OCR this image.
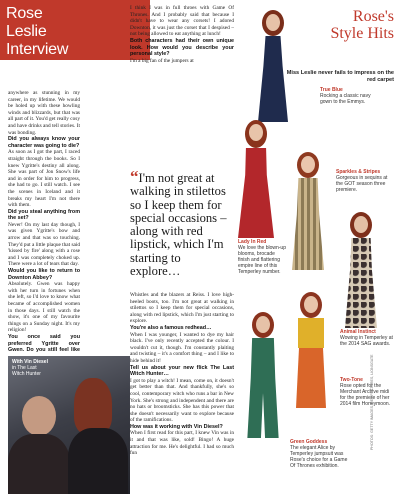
Rose
Leslie
Interview

anywhere as stunning in my career, in my lifetime. We would be holed up with these howling winds and blizzards, but that was all part of it. You'd get really cosy and have drinks and tell stories. It was bonding.

Did you always know your character was going to die?

As soon as I got the part, I raced straight through the books. So I knew Ygritte's destiny all along. She was part of Jon Snow's life and in order for him to progress, she had to go. I still watch. I see the scenes in Iceland and it breaks my heart I'm not there with them.

Did you steal anything from the set?

Never! On my last day though, I was given Ygritte's bow and arrow and that was so touching. They'd put a little plaque that said 'kissed by fire' along with a rose and I was completely choked up. There were a lot of tears that day.

Would you like to return to Downton Abbey?

Absolutely. Gwen was happy with her turn in fortunes when she left, so I'd love to know what became of accomplished women in those days. I still watch the show, it's one of my favourite things on a Sunday night. It's my religion!

You once said you preferred Ygritte over Gwen. Do you still feel like

With Vin Diesel
in The Last
Witch Hunter

I think I was in full throes with Game Of Thrones. And I probably said that because I didn't have to wear any corsets! I adored Downton, it was just the corset that I despised – not being allowed to eat anything at lunch!

Both characters had their own unique look. How would you describe your personal style?

I'm a big fan of the jumpers at

“I'm not great at walking in stilettos so I keep them for special occasions – along with red lipstick, which I'm starting to explore…

Whistles and the blazers at Reiss. I love high-heeled boots, too. I'm not great at walking in stilettos so I keep them for special occasions, along with red lipstick, which I'm just starting to explore.

You're also a famous redhead…

When I was younger, I wanted to dye my hair black. I've only recently accepted the colour. I wouldn't cut it, though. I'm constantly plaiting and twisting – it's a comfort thing – and I like to hide behind it!

Tell us about your new flick The Last Witch Hunter…

I got to play a witch! I mean, come on, it doesn't get better than that. And thankfully, she's so cool, contemporary witch who runs a bar in New York. She's strong and independent and there are no hats or broomsticks. She has this power that she doesn't necessarily want to explore because of the ramifications.

How was it working with Vin Diesel?

When I first read for this part, I knew Vin was in it and that was like, sold! Bingo! A huge attraction for me. He's delightful. I had so much fun

Rose's
Style Hits
Miss Leslie never fails to impress on the red carpet
True Blue
Rocking a classic navy gown to the Emmys.
Sparkles & Stripes
Gorgeous in sequins at the GOT season three premiere.
Lady In Red
We love the blown-up blooms, brocade finish and flattering empire line of this Temperley number.
Animal Instinct
Wowing in Temperley at the 2014 SAG awards.
Two-Tone
Rose opted for the Merchant Archive midi for the premiere of her 2014 film Honeymoon.
Green Goddess
The elegant Alice by Temperley jumpsuit was Rose's choice for a Game Of Thrones exhibition.
PHOTOS: GETTY IMAGES, REX FEATURES, LIONSGATE
